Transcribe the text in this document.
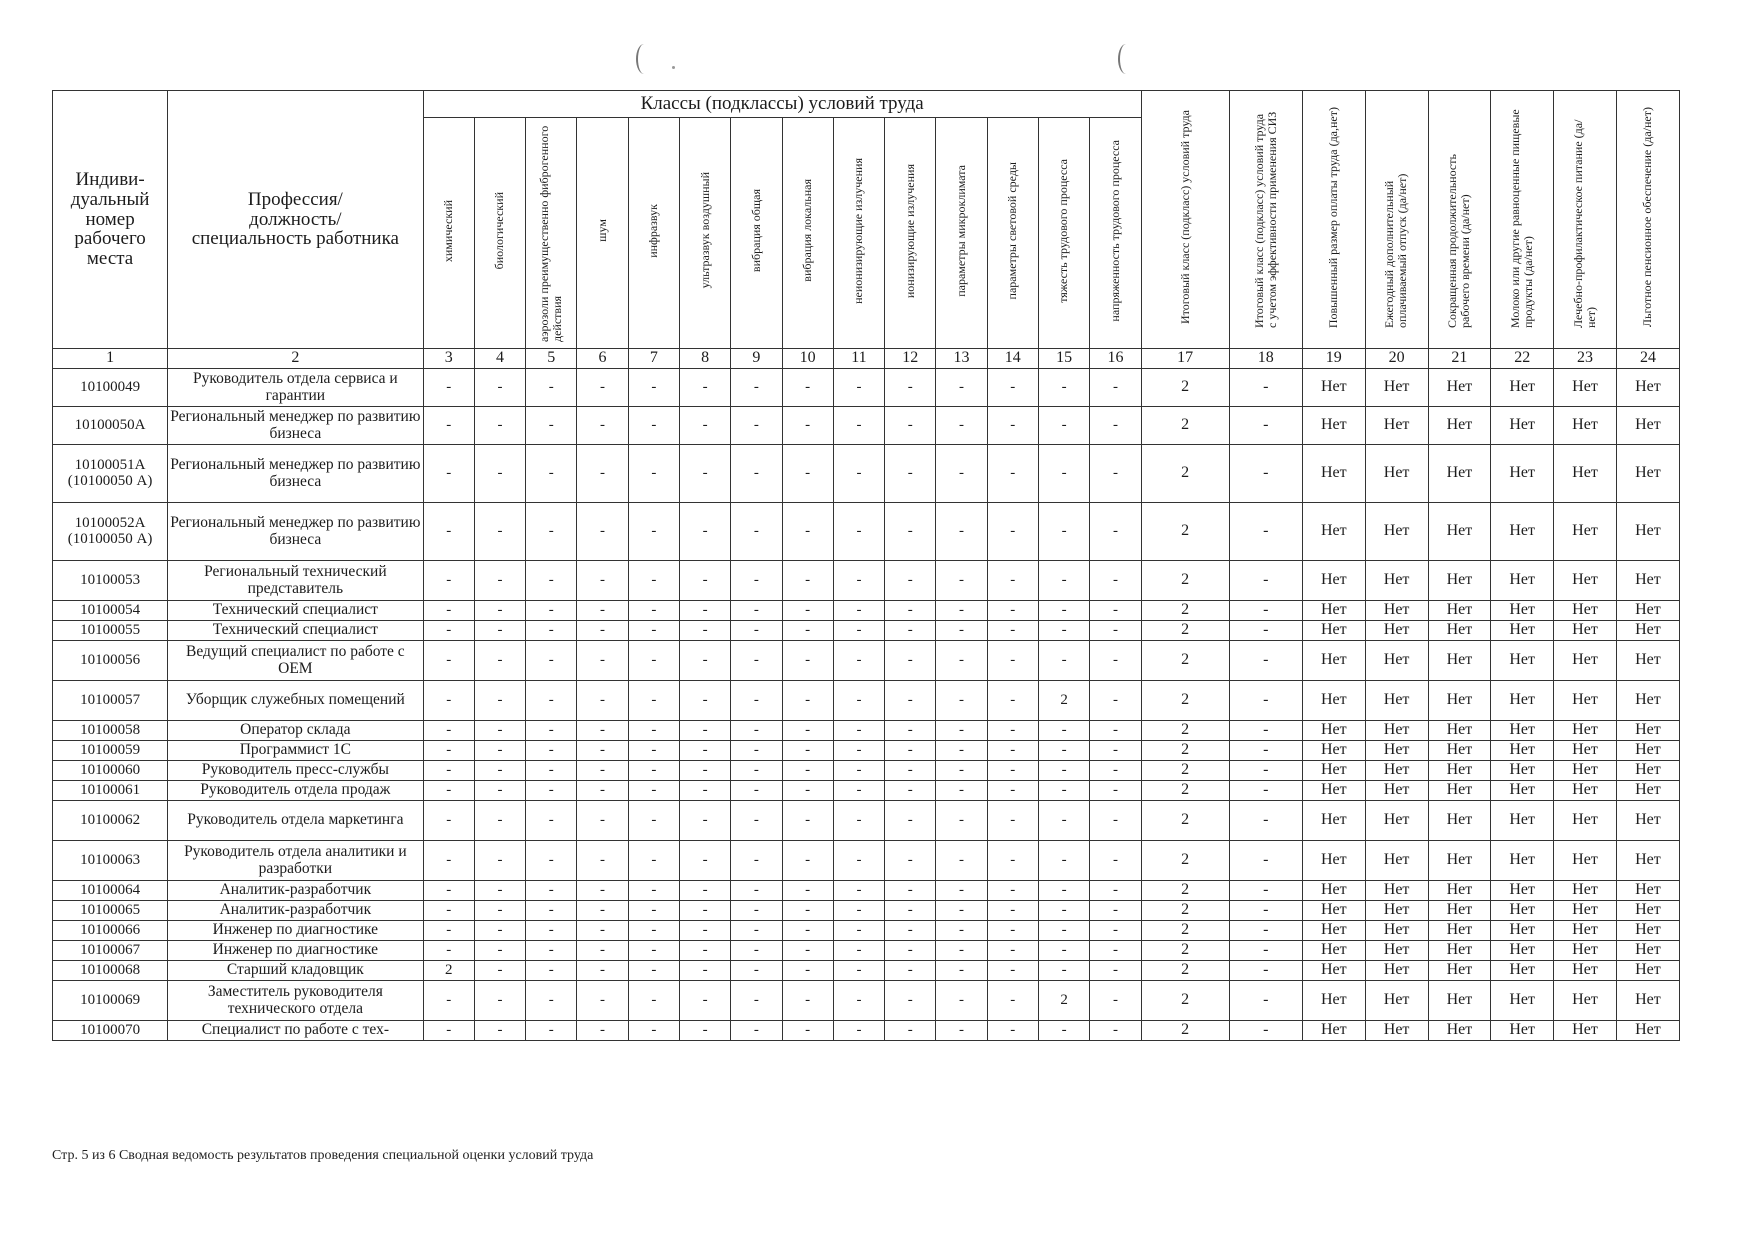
Индиви-
дуальный
номер
рабочего
места	Профессия/
должность/
специальность работника	Классы (подклассы) условий труда														Итоговый класс (подкласс) условий труда	Итоговый класс (подкласс) условий труда с учетом эффективности применения СИЗ	Повышенный размер оплаты труда (да,нет)	Ежегодный дополнительный оплачиваемый отпуск (да/нет)	Сокращенная продолжительность рабочего времени (да/нет)	Молоко или другие равноценные пищевые продукты (да/нет)	Лечебно-профилактическое питание (да/нет)	Льготное пенсионное обеспечение (да/нет)
		химический	биологический	аэрозоли преимущественно фиброгенного действия	шум	инфразвук	ультразвук воздушный	вибрация общая	вибрация локальная	неионизирующие излучения	ионизирующие излучения	параметры микроклимата	параметры световой среды	тяжесть трудового процесса	напряженность трудового процесса								
1	2	3	4	5	6	7	8	9	10	11	12	13	14	15	16	17	18	19	20	21	22	23	24
10100049	Руководитель отдела сервиса и гарантии	-	-	-	-	-	-	-	-	-	-	-	-	-	-	2	-	Нет	Нет	Нет	Нет	Нет	Нет
10100050А	Региональный менеджер по развитию бизнеса	-	-	-	-	-	-	-	-	-	-	-	-	-	-	2	-	Нет	Нет	Нет	Нет	Нет	Нет
10100051А (10100050 А)	Региональный менеджер по развитию бизнеса	-	-	-	-	-	-	-	-	-	-	-	-	-	-	2	-	Нет	Нет	Нет	Нет	Нет	Нет
10100052А (10100050 А)	Региональный менеджер по развитию бизнеса	-	-	-	-	-	-	-	-	-	-	-	-	-	-	2	-	Нет	Нет	Нет	Нет	Нет	Нет
10100053	Региональный технический представитель	-	-	-	-	-	-	-	-	-	-	-	-	-	-	2	-	Нет	Нет	Нет	Нет	Нет	Нет
10100054	Технический специалист	-	-	-	-	-	-	-	-	-	-	-	-	-	-	2	-	Нет	Нет	Нет	Нет	Нет	Нет
10100055	Технический специалист	-	-	-	-	-	-	-	-	-	-	-	-	-	-	2	-	Нет	Нет	Нет	Нет	Нет	Нет
10100056	Ведущий специалист по работе с ОЕМ	-	-	-	-	-	-	-	-	-	-	-	-	-	-	2	-	Нет	Нет	Нет	Нет	Нет	Нет
10100057	Уборщик служебных помещений	-	-	-	-	-	-	-	-	-	-	-	-	2	-	2	-	Нет	Нет	Нет	Нет	Нет	Нет
10100058	Оператор склада	-	-	-	-	-	-	-	-	-	-	-	-	-	-	2	-	Нет	Нет	Нет	Нет	Нет	Нет
10100059	Программист 1С	-	-	-	-	-	-	-	-	-	-	-	-	-	-	2	-	Нет	Нет	Нет	Нет	Нет	Нет
10100060	Руководитель пресс-службы	-	-	-	-	-	-	-	-	-	-	-	-	-	-	2	-	Нет	Нет	Нет	Нет	Нет	Нет
10100061	Руководитель отдела продаж	-	-	-	-	-	-	-	-	-	-	-	-	-	-	2	-	Нет	Нет	Нет	Нет	Нет	Нет
10100062	Руководитель отдела маркетинга	-	-	-	-	-	-	-	-	-	-	-	-	-	-	2	-	Нет	Нет	Нет	Нет	Нет	Нет
10100063	Руководитель отдела аналитики и разработки	-	-	-	-	-	-	-	-	-	-	-	-	-	-	2	-	Нет	Нет	Нет	Нет	Нет	Нет
10100064	Аналитик-разработчик	-	-	-	-	-	-	-	-	-	-	-	-	-	-	2	-	Нет	Нет	Нет	Нет	Нет	Нет
10100065	Аналитик-разработчик	-	-	-	-	-	-	-	-	-	-	-	-	-	-	2	-	Нет	Нет	Нет	Нет	Нет	Нет
10100066	Инженер по диагностике	-	-	-	-	-	-	-	-	-	-	-	-	-	-	2	-	Нет	Нет	Нет	Нет	Нет	Нет
10100067	Инженер по диагностике	-	-	-	-	-	-	-	-	-	-	-	-	-	-	2	-	Нет	Нет	Нет	Нет	Нет	Нет
10100068	Старший кладовщик	2	-	-	-	-	-	-	-	-	-	-	-	-	-	2	-	Нет	Нет	Нет	Нет	Нет	Нет
10100069	Заместитель руководителя технического отдела	-	-	-	-	-	-	-	-	-	-	-	-	2	-	2	-	Нет	Нет	Нет	Нет	Нет	Нет
10100070	Специалист по работе с тех-	-	-	-	-	-	-	-	-	-	-	-	-	-	-	2	-	Нет	Нет	Нет	Нет	Нет	Нет
Стр. 5 из 6 Сводная ведомость результатов проведения специальной оценки условий труда
